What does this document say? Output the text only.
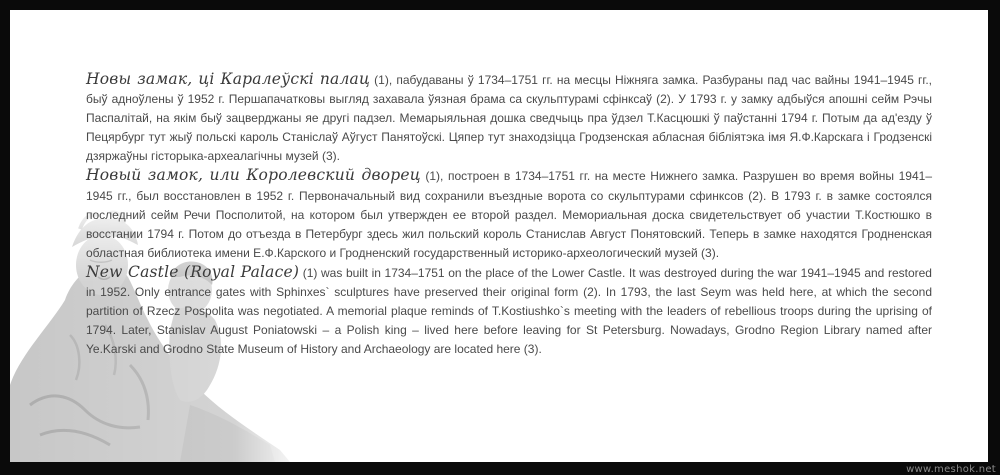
Новы замак, ці Каралеўскі палац (1), пабудаваны ў 1734–1751 гг. на месцы Ніжняга замка. Разбураны пад час вайны 1941–1945 гг., быў адноўлены ў 1952 г. Першапачатковы выгляд захавала ўязная брама са скульптурамі сфінксаў (2). У 1793 г. у замку адбыўся апошні сейм Рэчы Паспалітай, на якім быў зацверджаны яе другі падзел. Мемарыяльная дошка сведчыць пра ўдзел Т.Касцюшкі ў паўстанні 1794 г. Потым да ад'езду ў Пецярбург тут жыў польскі кароль Станіслаў Аўгуст Панятоўскі. Цяпер тут знаходзіцца Гродзенская абласная бібліятэка імя Я.Ф.Карскага і Гродзенскі дзяржаўны гісторыка-археалагічны музей (3).

Новый замок, или Королевский дворец (1), построен в 1734–1751 гг. на месте Нижнего замка. Разрушен во время войны 1941–1945 гг., был восстановлен в 1952 г. Первоначальный вид сохранили въездные ворота со скульптурами сфинксов (2). В 1793 г. в замке состоялся последний сейм Речи Посполитой, на котором был утвержден ее второй раздел. Мемориальная доска свидетельствует об участии Т.Костюшко в восстании 1794 г. Потом до отъезда в Петербург здесь жил польский король Станислав Август Понятовский. Теперь в замке находятся Гродненская областная библиотека имени Е.Ф.Карского и Гродненский государственный историко-археологический музей (3).

New Castle (Royal Palace) (1) was built in 1734–1751 on the place of the Lower Castle. It was destroyed during the war 1941–1945 and restored in 1952. Only entrance gates with Sphinxes` sculptures have preserved their original form (2). In 1793, the last Seym was held here, at which the second partition of Rzecz Pospolita was negotiated. A memorial plaque reminds of T.Kostiushko`s meeting with the leaders of rebellious troops during the uprising of 1794. Later, Stanislav August Poniatowski – a Polish king – lived here before leaving for St Petersburg. Nowadays, Grodno Region Library named after Ye.Karski and Grodno State Museum of History and Archaeology are located here (3).

www.meshok.net
